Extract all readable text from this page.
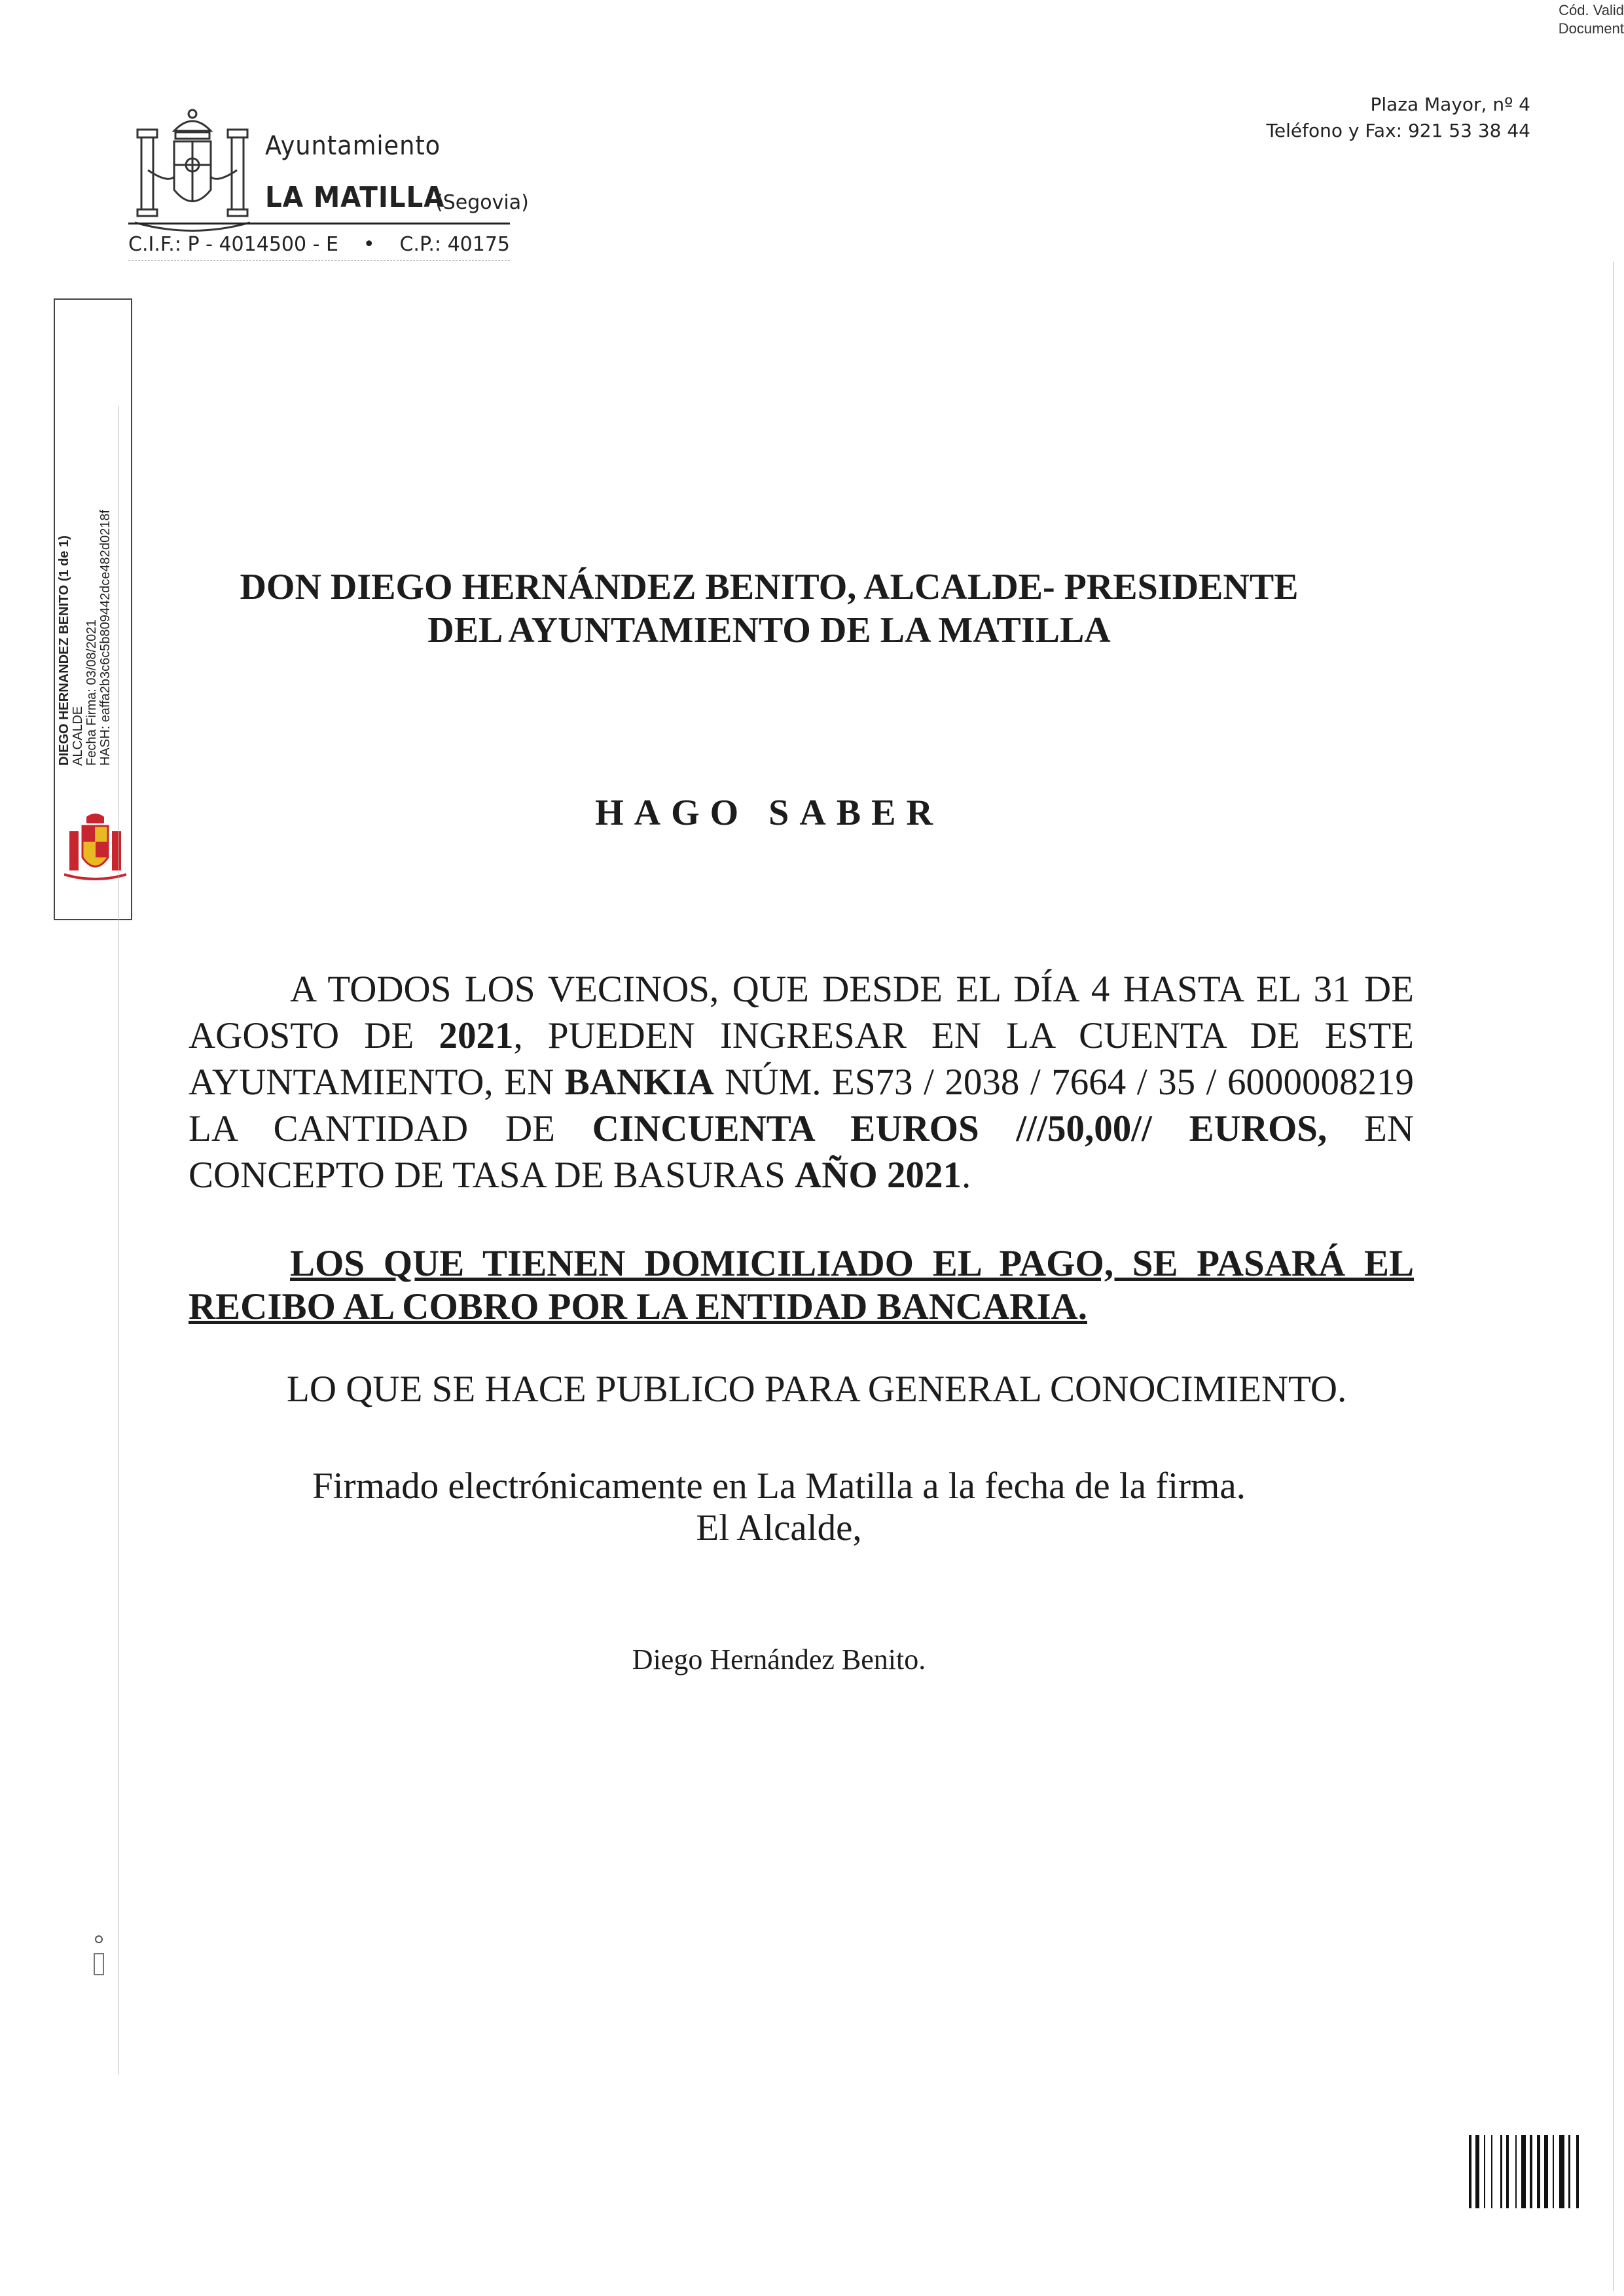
Cód. Valid
Document
Ayuntamiento
LA MATILLA
(Segovia)
C.I.F.: P - 4014500 - E • C.P.: 40175
Plaza Mayor, nº 4
Teléfono y Fax: 921 53 38 44
DIEGO HERNANDEZ BENITO (1 de 1) ALCALDE Fecha Firma: 03/08/2021 HASH: eaffa2b3c6c5b809442dce482d0218f	DON DIEGO HERNÁNDEZ BENITO, ALCALDE- PRESIDENTE
DEL AYUNTAMIENTO DE LA MATILLA
HAGO SABER
A TODOS LOS VECINOS, QUE DESDE EL DÍA 4 HASTA EL 31 DE AGOSTO DE 2021, PUEDEN INGRESAR EN LA CUENTA DE ESTE AYUNTAMIENTO, EN BANKIA NÚM. ES73 / 2038 / 7664 / 35 / 6000008219 LA CANTIDAD DE CINCUENTA EUROS ///50,00// EUROS, EN CONCEPTO DE TASA DE BASURAS AÑO 2021.
LOS QUE TIENEN DOMICILIADO EL PAGO, SE PASARÁ EL RECIBO AL COBRO POR LA ENTIDAD BANCARIA.
LO QUE SE HACE PUBLICO PARA GENERAL CONOCIMIENTO.
Firmado electrónicamente en La Matilla a la fecha de la firma.
El Alcalde,
Diego Hernández Benito.
